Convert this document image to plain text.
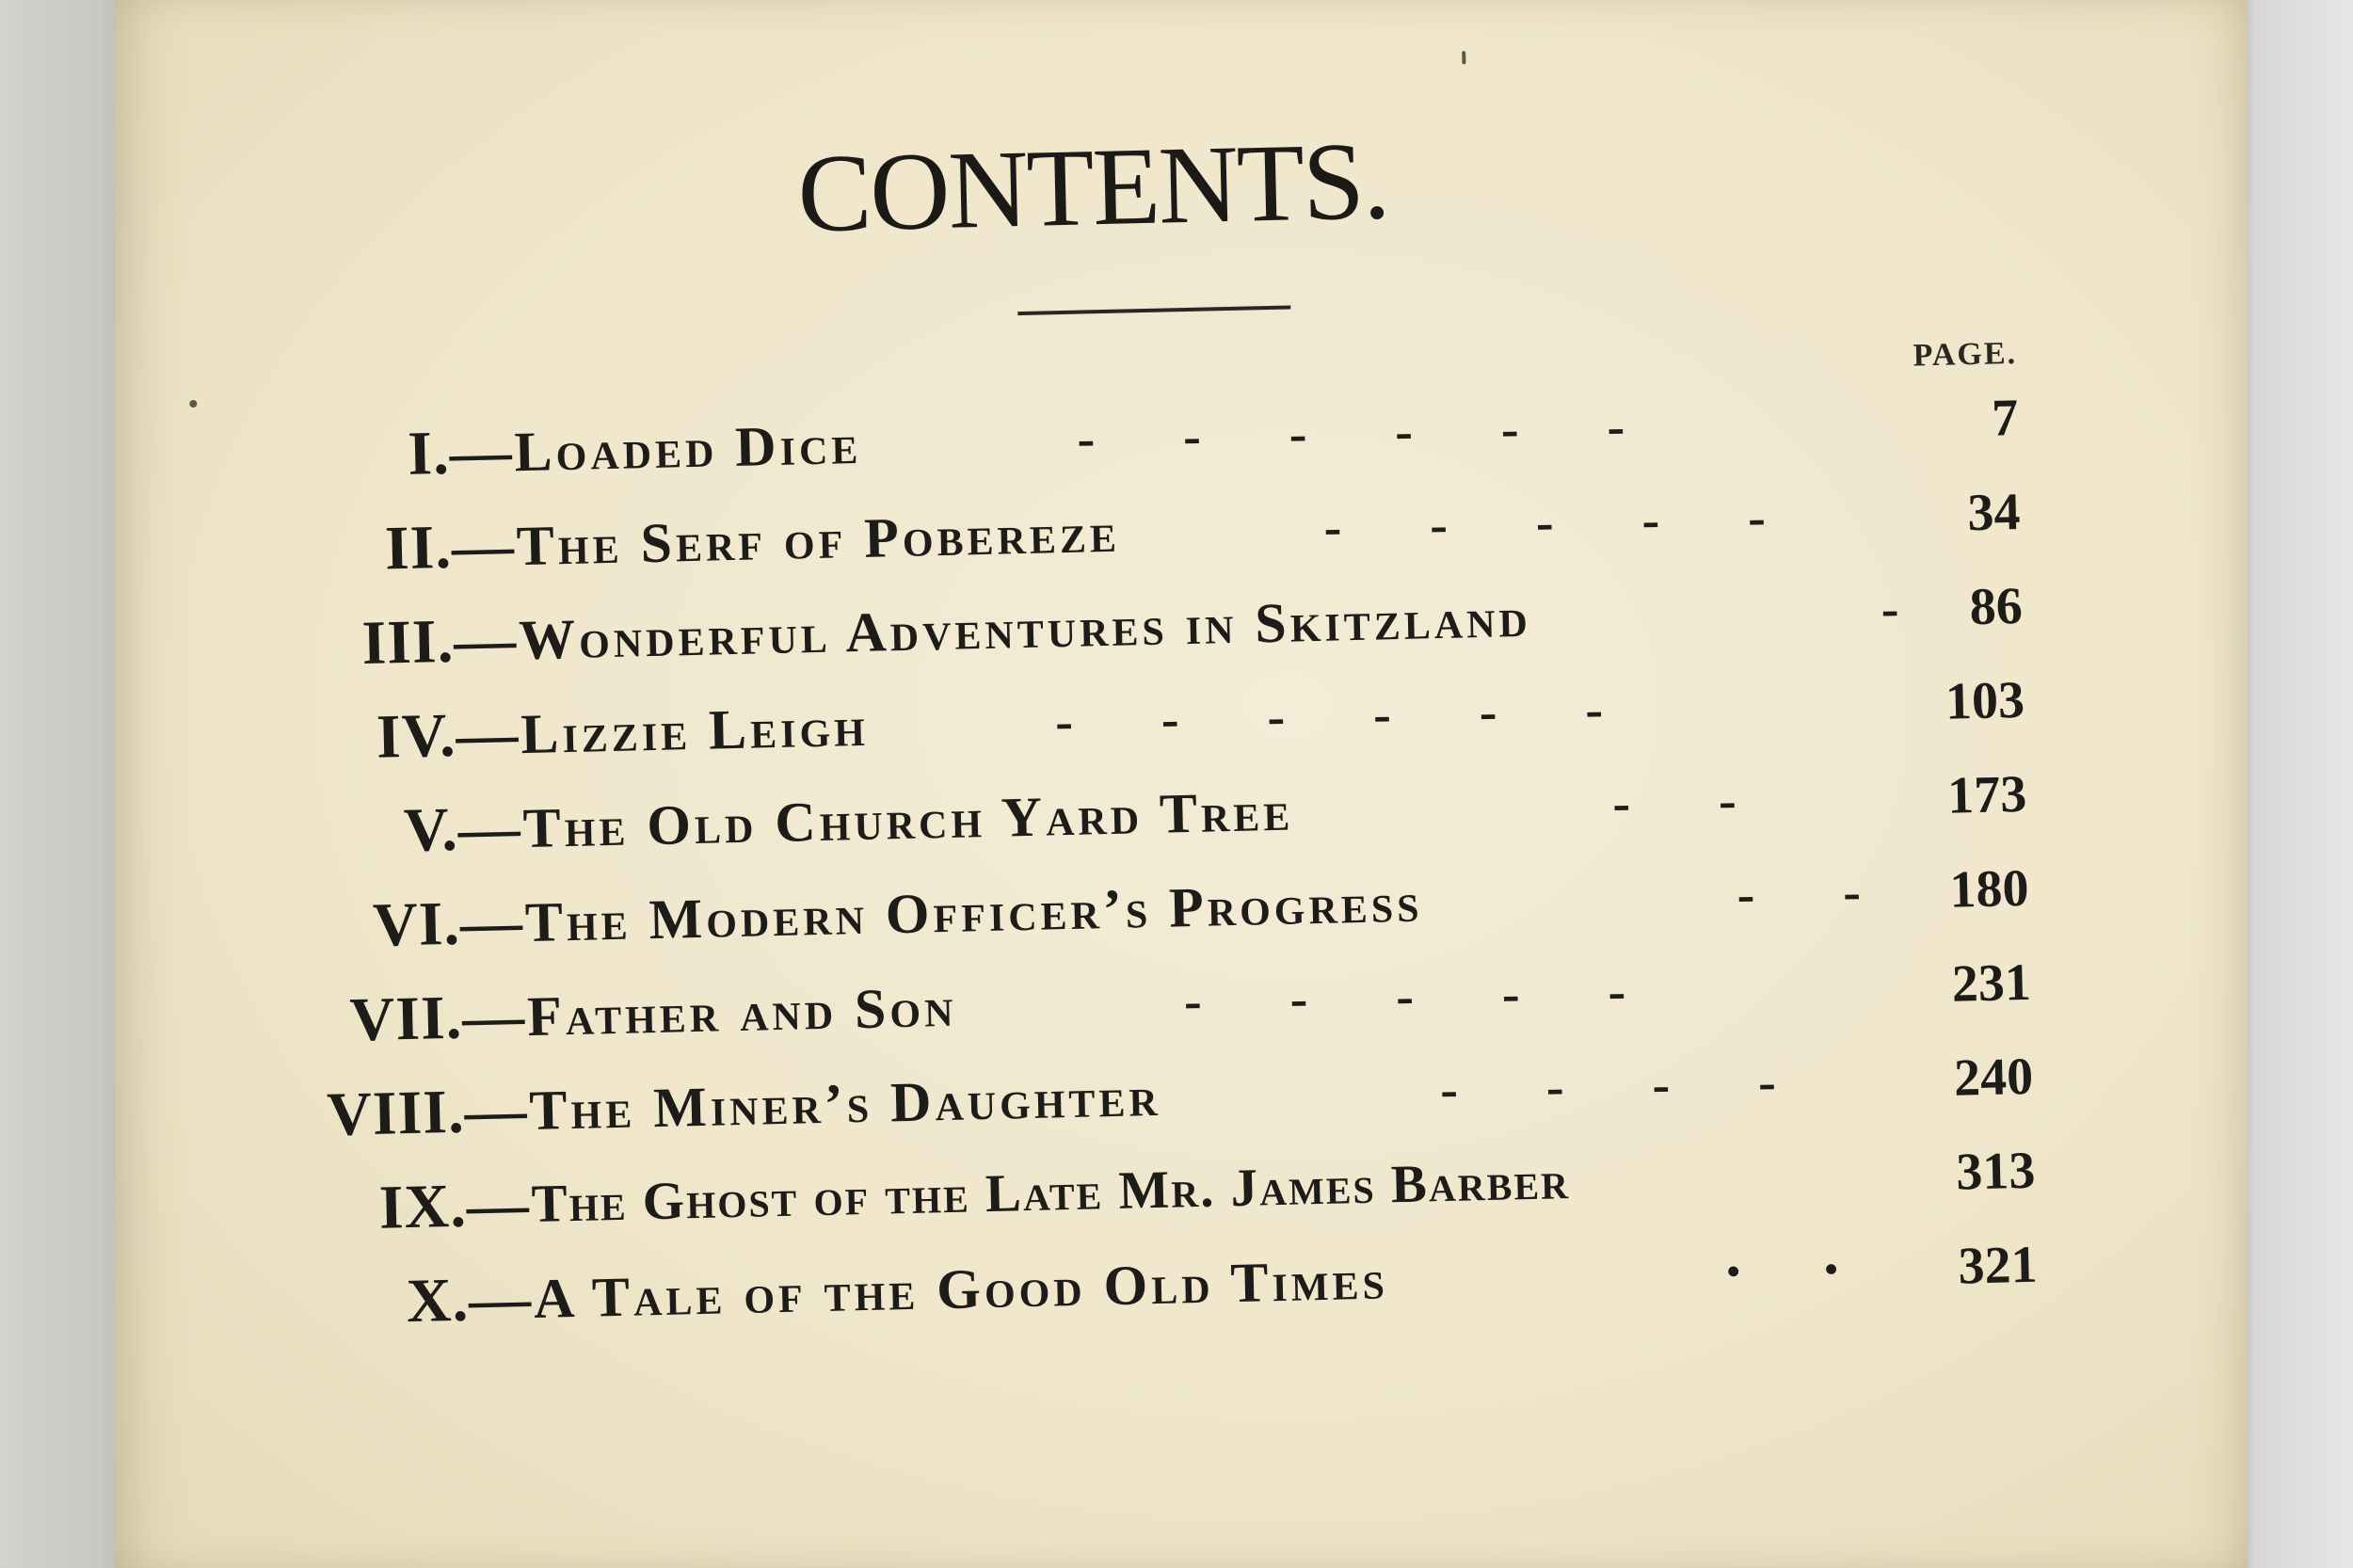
CONTENTS.
PAGE.
I.— Loaded Dice	- - - - - -	7
II.— The Serf of Pobereze	- - - - -	34
III.— Wonderful Adventures in Skitzland	-	86
IV.— Lizzie Leigh	- - - - - -	103
V.— The Old Church Yard Tree	- -	173
VI.— The Modern Officer’s Progress	- -	180
VII.— Father and Son	- - - - -	231
VIII.— The Miner’s Daughter	- - - -	240
IX.— The Ghost of the Late Mr. James Barber	313
X.— A Tale of the Good Old Times	• •	321
